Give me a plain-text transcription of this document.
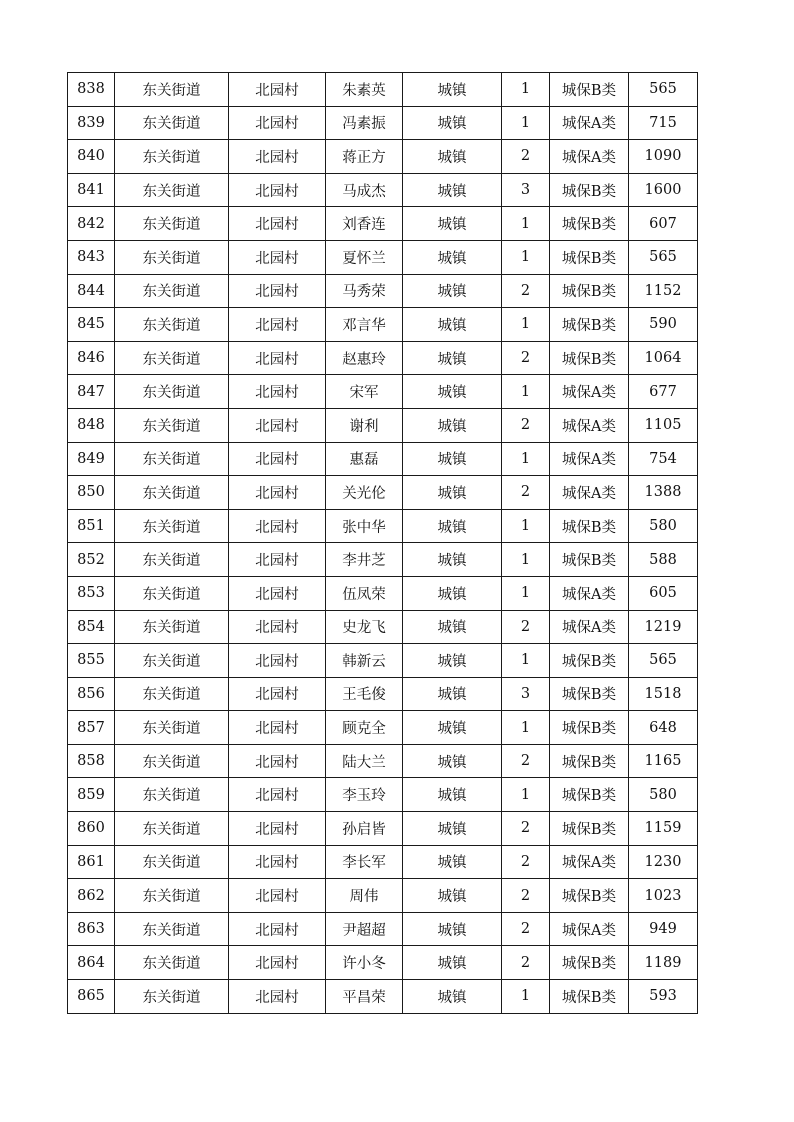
838	东关街道	北园村	朱素英	城镇	1	城保B类	565
839	东关街道	北园村	冯素振	城镇	1	城保A类	715
840	东关街道	北园村	蒋正方	城镇	2	城保A类	1090
841	东关街道	北园村	马成杰	城镇	3	城保B类	1600
842	东关街道	北园村	刘香连	城镇	1	城保B类	607
843	东关街道	北园村	夏怀兰	城镇	1	城保B类	565
844	东关街道	北园村	马秀荣	城镇	2	城保B类	1152
845	东关街道	北园村	邓言华	城镇	1	城保B类	590
846	东关街道	北园村	赵惠玲	城镇	2	城保B类	1064
847	东关街道	北园村	宋军	城镇	1	城保A类	677
848	东关街道	北园村	谢利	城镇	2	城保A类	1105
849	东关街道	北园村	惠磊	城镇	1	城保A类	754
850	东关街道	北园村	关光伦	城镇	2	城保A类	1388
851	东关街道	北园村	张中华	城镇	1	城保B类	580
852	东关街道	北园村	李井芝	城镇	1	城保B类	588
853	东关街道	北园村	伍凤荣	城镇	1	城保A类	605
854	东关街道	北园村	史龙飞	城镇	2	城保A类	1219
855	东关街道	北园村	韩新云	城镇	1	城保B类	565
856	东关街道	北园村	王毛俊	城镇	3	城保B类	1518
857	东关街道	北园村	顾克全	城镇	1	城保B类	648
858	东关街道	北园村	陆大兰	城镇	2	城保B类	1165
859	东关街道	北园村	李玉玲	城镇	1	城保B类	580
860	东关街道	北园村	孙启皆	城镇	2	城保B类	1159
861	东关街道	北园村	李长军	城镇	2	城保A类	1230
862	东关街道	北园村	周伟	城镇	2	城保B类	1023
863	东关街道	北园村	尹超超	城镇	2	城保A类	949
864	东关街道	北园村	许小冬	城镇	2	城保B类	1189
865	东关街道	北园村	平昌荣	城镇	1	城保B类	593
